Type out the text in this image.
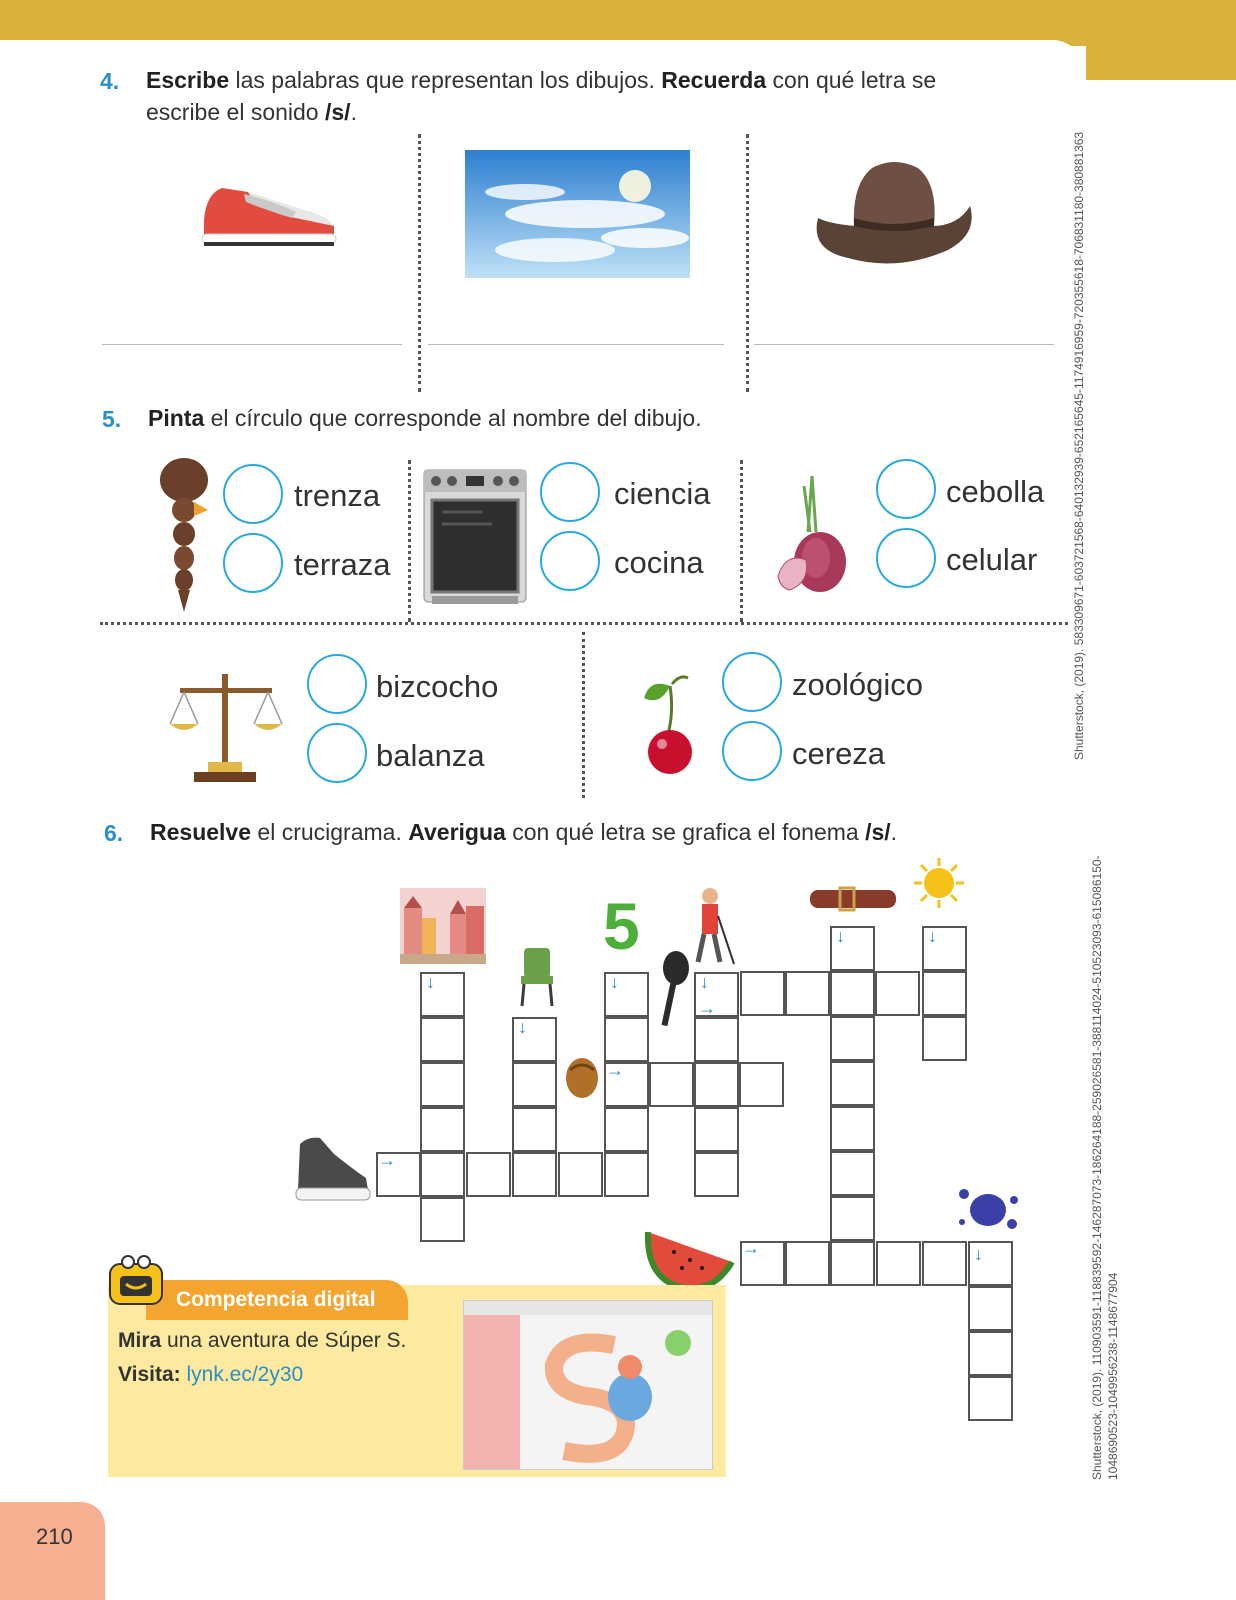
4. Escribe las palabras que representan los dibujos. Recuerda con qué letra se
escribe el sonido /s/.
5. Pinta el círculo que corresponde al nombre del dibujo.
trenza
terraza
ciencia
cocina
cebolla
celular
bizcocho
balanza
zoológico
cereza
6. Resuelve el crucigrama. Averigua con qué letra se grafica el fonema /s/.
5
↓
↓
↓	↓
↓	↓
↓
→
→
→
→
Competencia digital
Mira una aventura de Súper S.
Visita: lynk.ec/2y30
210
Shutterstock, (2019). 583309671-603721568-640132939-652165645-1174916959-720355618-706831180-380881363
Shutterstock, (2019). 110903591-118839592-146287073-186264188-259026581-388114024-510523093-615086150- 1048690523-1049956238-1148677904
